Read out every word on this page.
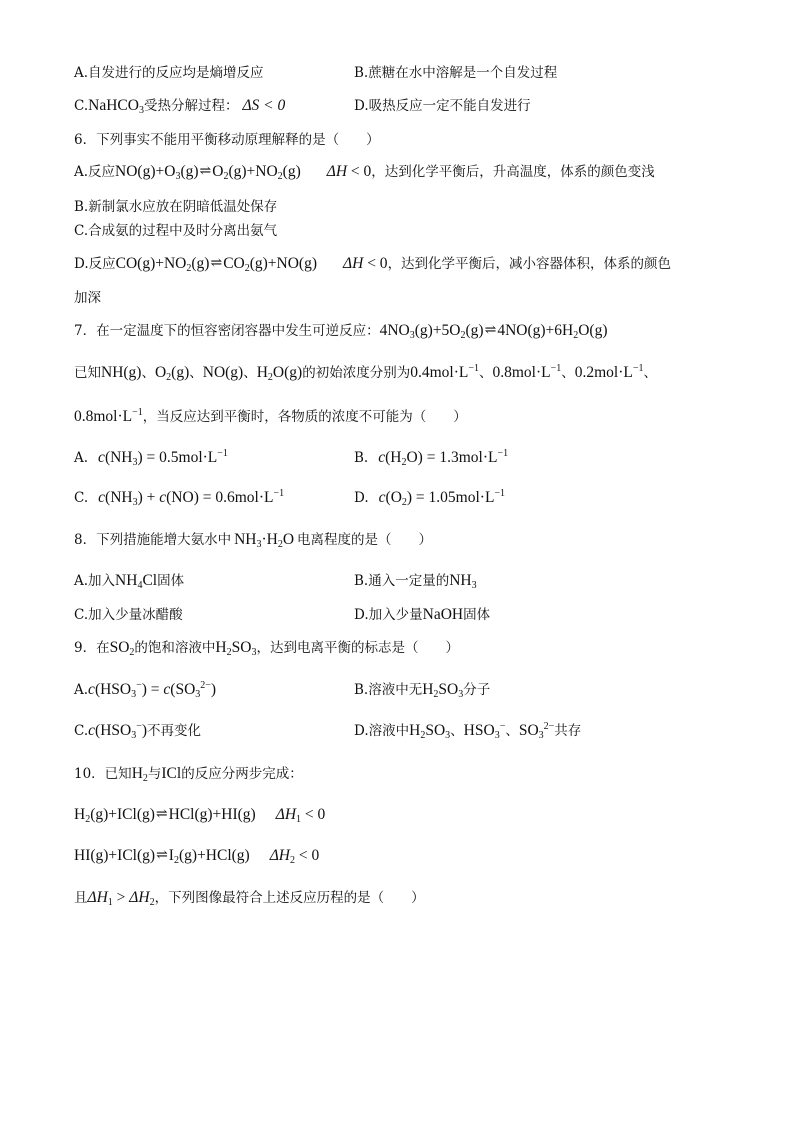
A.自发进行的反应均是熵增反应	B.蔗糖在水中溶解是一个自发过程
C.NaHCO$_3$受热分解过程： ΔS < 0	D.吸热反应一定不能自发进行
6．下列事实不能用平衡移动原理解释的是（　　）
A.反应$NO(g)+O_3(g)\rightleftharpoons O_2(g)+NO_2(g) \Delta H < 0$，达到化学平衡后，升高温度，体系的颜色变浅
B.新制氯水应放在阴暗低温处保存
C.合成氨的过程中及时分离出氨气
D.反应$CO(g)+NO_2(g)\rightleftharpoons CO_2(g)+NO(g) \Delta H < 0$，达到化学平衡后，减小容器体积，体系的颜色
加深
7．在一定温度下的恒容密闭容器中发生可逆反应：$4NO_3(g)+5O_2(g)\rightleftharpoons 4NO(g)+6H_2O(g)$
已知NH(g)、$O_2(g)$、NO(g)、$H_2O(g)$的初始浓度分别为$0.4mol\cdot L^{-1}$、$0.8mol\cdot L^{-1}$、$0.2mol\cdot L^{-1}$、
$0.8mol\cdot L^{-1}$，当反应达到平衡时，各物质的浓度不可能为（　　）
A. $c(NH_3) = 0.5mol\cdot L^{-1}$	B. $c(H_2O) = 1.3mol\cdot L^{-1}$
C. $c(NH_3) + c(NO) = 0.6mol\cdot L^{-1}$	D. $c(O_2) = 1.05mol\cdot L^{-1}$
8．下列措施能增大氨水中 $NH_3\cdot H_2O$ 电离程度的是（　　）
A.加入$NH_4Cl$固体	B.通入一定量的$NH_3$
C.加入少量冰醋酸	D.加入少量NaOH固体
9．在$SO_2$的饱和溶液中$H_2SO_3$，达到电离平衡的标志是（　　）
$A.c(HSO_3^-) = c(SO_3^{2-})$	B.溶液中无$H_2SO_3$分子
$C.c(HSO_3^-)$不再变化	D.溶液中$H_2SO_3$、$HSO_3^-$、$SO_3^{2-}$共存
10．已知$H_2$与ICl的反应分两步完成：
$H_2(g)+ICl(g)\rightleftharpoons HCl(g)+HI(g) \Delta H_1 < 0$
$HI(g)+ICl(g)\rightleftharpoons I_2(g)+HCl(g) \Delta H_2 < 0$
且$\Delta H_1 > \Delta H_2$，下列图像最符合上述反应历程的是（　　）
